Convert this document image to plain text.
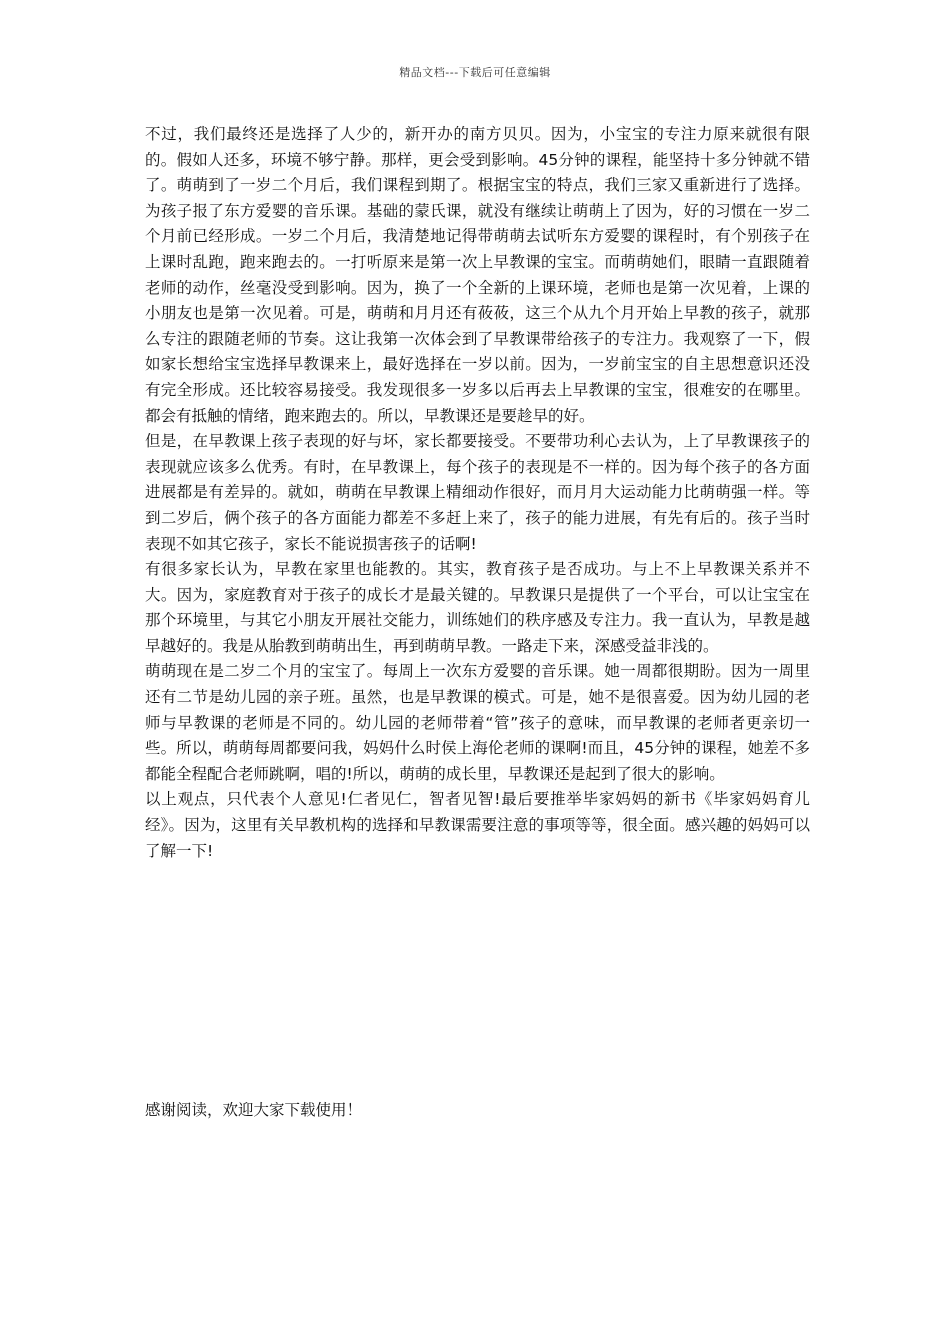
精品文档---下载后可任意编辑

不过，我们最终还是选择了人少的，新开办的南方贝贝。因为，小宝宝的专注力原来就很有限的。假如人还多，环境不够宁静。那样，更会受到影响。45分钟的课程，能坚持十多分钟就不错了。萌萌到了一岁二个月后，我们课程到期了。根据宝宝的特点，我们三家又重新进行了选择。为孩子报了东方爱婴的音乐课。基础的蒙氏课，就没有继续让萌萌上了因为，好的习惯在一岁二个月前已经形成。一岁二个月后，我清楚地记得带萌萌去试听东方爱婴的课程时，有个别孩子在上课时乱跑，跑来跑去的。一打听原来是第一次上早教课的宝宝。而萌萌她们，眼睛一直跟随着老师的动作，丝毫没受到影响。因为，换了一个全新的上课环境，老师也是第一次见着，上课的小朋友也是第一次见着。可是，萌萌和月月还有莜莜，这三个从九个月开始上早教的孩子，就那么专注的跟随老师的节奏。这让我第一次体会到了早教课带给孩子的专注力。我观察了一下，假如家长想给宝宝选择早教课来上，最好选择在一岁以前。因为，一岁前宝宝的自主思想意识还没有完全形成。还比较容易接受。我发现很多一岁多以后再去上早教课的宝宝，很难安的在哪里。都会有抵触的情绪，跑来跑去的。所以，早教课还是要趁早的好。

但是，在早教课上孩子表现的好与坏，家长都要接受。不要带功利心去认为，上了早教课孩子的表现就应该多么优秀。有时，在早教课上，每个孩子的表现是不一样的。因为每个孩子的各方面进展都是有差异的。就如，萌萌在早教课上精细动作很好，而月月大运动能力比萌萌强一样。等到二岁后，俩个孩子的各方面能力都差不多赶上来了，孩子的能力进展，有先有后的。孩子当时表现不如其它孩子，家长不能说损害孩子的话啊!

有很多家长认为，早教在家里也能教的。其实，教育孩子是否成功。与上不上早教课关系并不大。因为，家庭教育对于孩子的成长才是最关键的。早教课只是提供了一个平台，可以让宝宝在那个环境里，与其它小朋友开展社交能力，训练她们的秩序感及专注力。我一直认为，早教是越早越好的。我是从胎教到萌萌出生，再到萌萌早教。一路走下来，深感受益非浅的。

萌萌现在是二岁二个月的宝宝了。每周上一次东方爱婴的音乐课。她一周都很期盼。因为一周里还有二节是幼儿园的亲子班。虽然，也是早教课的模式。可是，她不是很喜爱。因为幼儿园的老师与早教课的老师是不同的。幼儿园的老师带着“管”孩子的意味，而早教课的老师者更亲切一些。所以，萌萌每周都要问我，妈妈什么时侯上海伦老师的课啊!而且，45分钟的课程，她差不多都能全程配合老师跳啊，唱的!所以，萌萌的成长里，早教课还是起到了很大的影响。

以上观点，只代表个人意见!仁者见仁，智者见智!最后要推举毕家妈妈的新书《毕家妈妈育儿经》。因为，这里有关早教机构的选择和早教课需要注意的事项等等，很全面。感兴趣的妈妈可以了解一下!

感谢阅读，欢迎大家下载使用！
